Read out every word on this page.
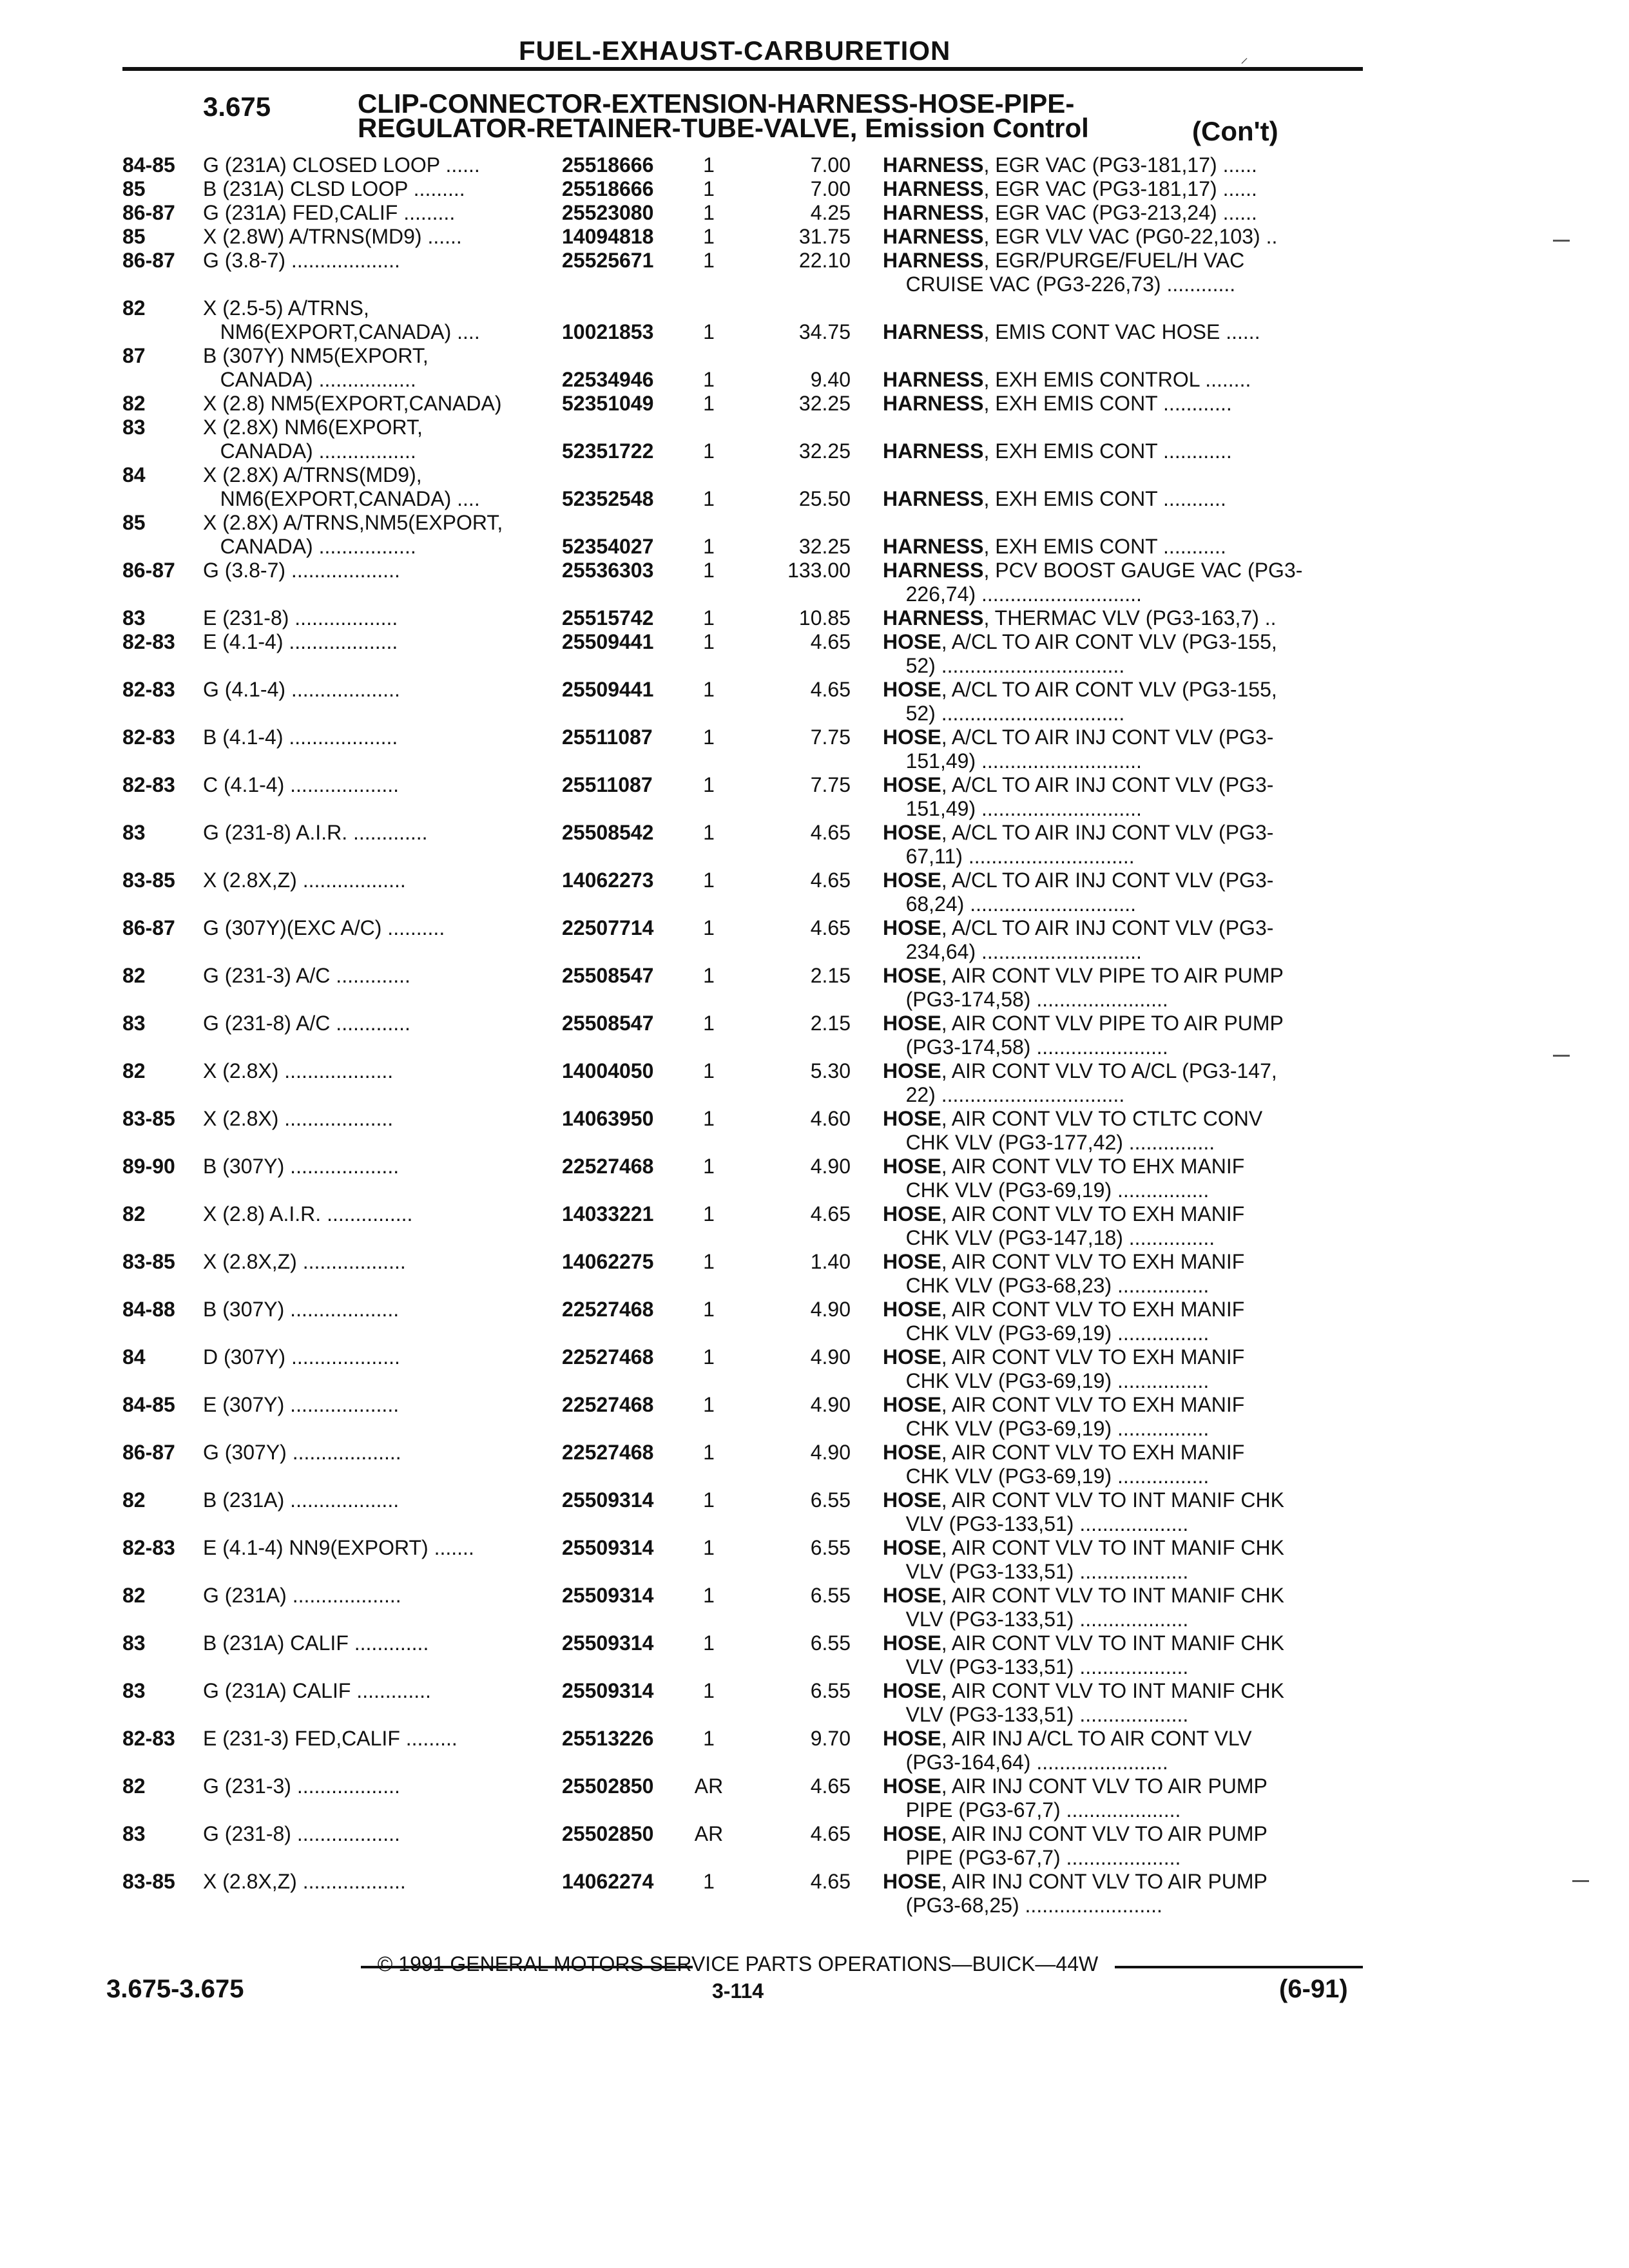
FUEL-EXHAUST-CARBURETION	⸝
3.675	CLIP-CONNECTOR-EXTENSION-HARNESS-HOSE-PIPE-
REGULATOR-RETAINER-TUBE-VALVE, Emission Control	(Con't)
84-85	G (231A) CLOSED LOOP ......	25518666	1	7.00 HARNESS, EGR VAC (PG3-181,17) ......
85	B (231A) CLSD LOOP .........	25518666	1	7.00 HARNESS, EGR VAC (PG3-181,17) ......
86-87	G (231A) FED,CALIF .........	25523080	1	4.25 HARNESS, EGR VAC (PG3-213,24) ......
85	X (2.8W) A/TRNS(MD9) ......	14094818	1	31.75 HARNESS, EGR VLV VAC (PG0-22,103) ..
86-87	G (3.8-7) ...................	25525671	1	22.10 HARNESS, EGR/PURGE/FUEL/H VAC
CRUISE VAC (PG3-226,73) ............
82	X (2.5-5) A/TRNS,
NM6(EXPORT,CANADA) ....	10021853	1	34.75 HARNESS, EMIS CONT VAC HOSE ......
87	B (307Y) NM5(EXPORT,
CANADA) .................	22534946	1	9.40 HARNESS, EXH EMIS CONTROL ........
82	X (2.8) NM5(EXPORT,CANADA)	52351049	1	32.25 HARNESS, EXH EMIS CONT ............
83	X (2.8X) NM6(EXPORT,
CANADA) .................	52351722	1	32.25 HARNESS, EXH EMIS CONT ............
84	X (2.8X) A/TRNS(MD9),
NM6(EXPORT,CANADA) ....	52352548	1	25.50 HARNESS, EXH EMIS CONT ...........
85	X (2.8X) A/TRNS,NM5(EXPORT,
CANADA) .................	52354027	1	32.25 HARNESS, EXH EMIS CONT ...........
86-87	G (3.8-7) ...................	25536303	1	133.00 HARNESS, PCV BOOST GAUGE VAC (PG3-
226,74) ............................
83	E (231-8) ..................	25515742	1	10.85 HARNESS, THERMAC VLV (PG3-163,7) ..
82-83	E (4.1-4) ...................	25509441	1	4.65 HOSE, A/CL TO AIR CONT VLV (PG3-155,
52) ................................
82-83	G (4.1-4) ...................	25509441	1	4.65 HOSE, A/CL TO AIR CONT VLV (PG3-155,
52) ................................
82-83	B (4.1-4) ...................	25511087	1	7.75 HOSE, A/CL TO AIR INJ CONT VLV (PG3-
151,49) ............................
82-83	C (4.1-4) ...................	25511087	1	7.75 HOSE, A/CL TO AIR INJ CONT VLV (PG3-
151,49) ............................
83	G (231-8) A.I.R. .............	25508542	1	4.65 HOSE, A/CL TO AIR INJ CONT VLV (PG3-
67,11) .............................
83-85	X (2.8X,Z) ..................	14062273	1	4.65 HOSE, A/CL TO AIR INJ CONT VLV (PG3-
68,24) .............................
86-87	G (307Y)(EXC A/C) ..........	22507714	1	4.65 HOSE, A/CL TO AIR INJ CONT VLV (PG3-
234,64) ............................
82	G (231-3) A/C .............	25508547	1	2.15 HOSE, AIR CONT VLV PIPE TO AIR PUMP
(PG3-174,58) .......................
83	G (231-8) A/C .............	25508547	1	2.15 HOSE, AIR CONT VLV PIPE TO AIR PUMP
(PG3-174,58) .......................
82	X (2.8X) ...................	14004050	1	5.30 HOSE, AIR CONT VLV TO A/CL (PG3-147,
22) ................................
83-85	X (2.8X) ...................	14063950	1	4.60 HOSE, AIR CONT VLV TO CTLTC CONV
CHK VLV (PG3-177,42) ...............
89-90	B (307Y) ...................	22527468	1	4.90 HOSE, AIR CONT VLV TO EHX MANIF
CHK VLV (PG3-69,19) ................
82	X (2.8) A.I.R. ...............	14033221	1	4.65 HOSE, AIR CONT VLV TO EXH MANIF
CHK VLV (PG3-147,18) ...............
83-85	X (2.8X,Z) ..................	14062275	1	1.40 HOSE, AIR CONT VLV TO EXH MANIF
CHK VLV (PG3-68,23) ................
84-88	B (307Y) ...................	22527468	1	4.90 HOSE, AIR CONT VLV TO EXH MANIF
CHK VLV (PG3-69,19) ................
84	D (307Y) ...................	22527468	1	4.90 HOSE, AIR CONT VLV TO EXH MANIF
CHK VLV (PG3-69,19) ................
84-85	E (307Y) ...................	22527468	1	4.90 HOSE, AIR CONT VLV TO EXH MANIF
CHK VLV (PG3-69,19) ................
86-87	G (307Y) ...................	22527468	1	4.90 HOSE, AIR CONT VLV TO EXH MANIF
CHK VLV (PG3-69,19) ................
82	B (231A) ...................	25509314	1	6.55 HOSE, AIR CONT VLV TO INT MANIF CHK
VLV (PG3-133,51) ...................
82-83	E (4.1-4) NN9(EXPORT) .......	25509314	1	6.55 HOSE, AIR CONT VLV TO INT MANIF CHK
VLV (PG3-133,51) ...................
82	G (231A) ...................	25509314	1	6.55 HOSE, AIR CONT VLV TO INT MANIF CHK
VLV (PG3-133,51) ...................
83	B (231A) CALIF .............	25509314	1	6.55 HOSE, AIR CONT VLV TO INT MANIF CHK
VLV (PG3-133,51) ...................
83	G (231A) CALIF .............	25509314	1	6.55 HOSE, AIR CONT VLV TO INT MANIF CHK
VLV (PG3-133,51) ...................
82-83	E (231-3) FED,CALIF .........	25513226	1	9.70 HOSE, AIR INJ A/CL TO AIR CONT VLV
(PG3-164,64) .......................
82	G (231-3) ..................	25502850	AR	4.65 HOSE, AIR INJ CONT VLV TO AIR PUMP
PIPE (PG3-67,7) ....................
83	G (231-8) ..................	25502850	AR	4.65 HOSE, AIR INJ CONT VLV TO AIR PUMP
PIPE (PG3-67,7) ....................
83-85	X (2.8X,Z) ..................	14062274	1	4.65 HOSE, AIR INJ CONT VLV TO AIR PUMP
(PG3-68,25) ........................
© 1991 GENERAL MOTORS SERVICE PARTS OPERATIONS—BUICK—44W
3.675-3.675	3-114	(6-91)
